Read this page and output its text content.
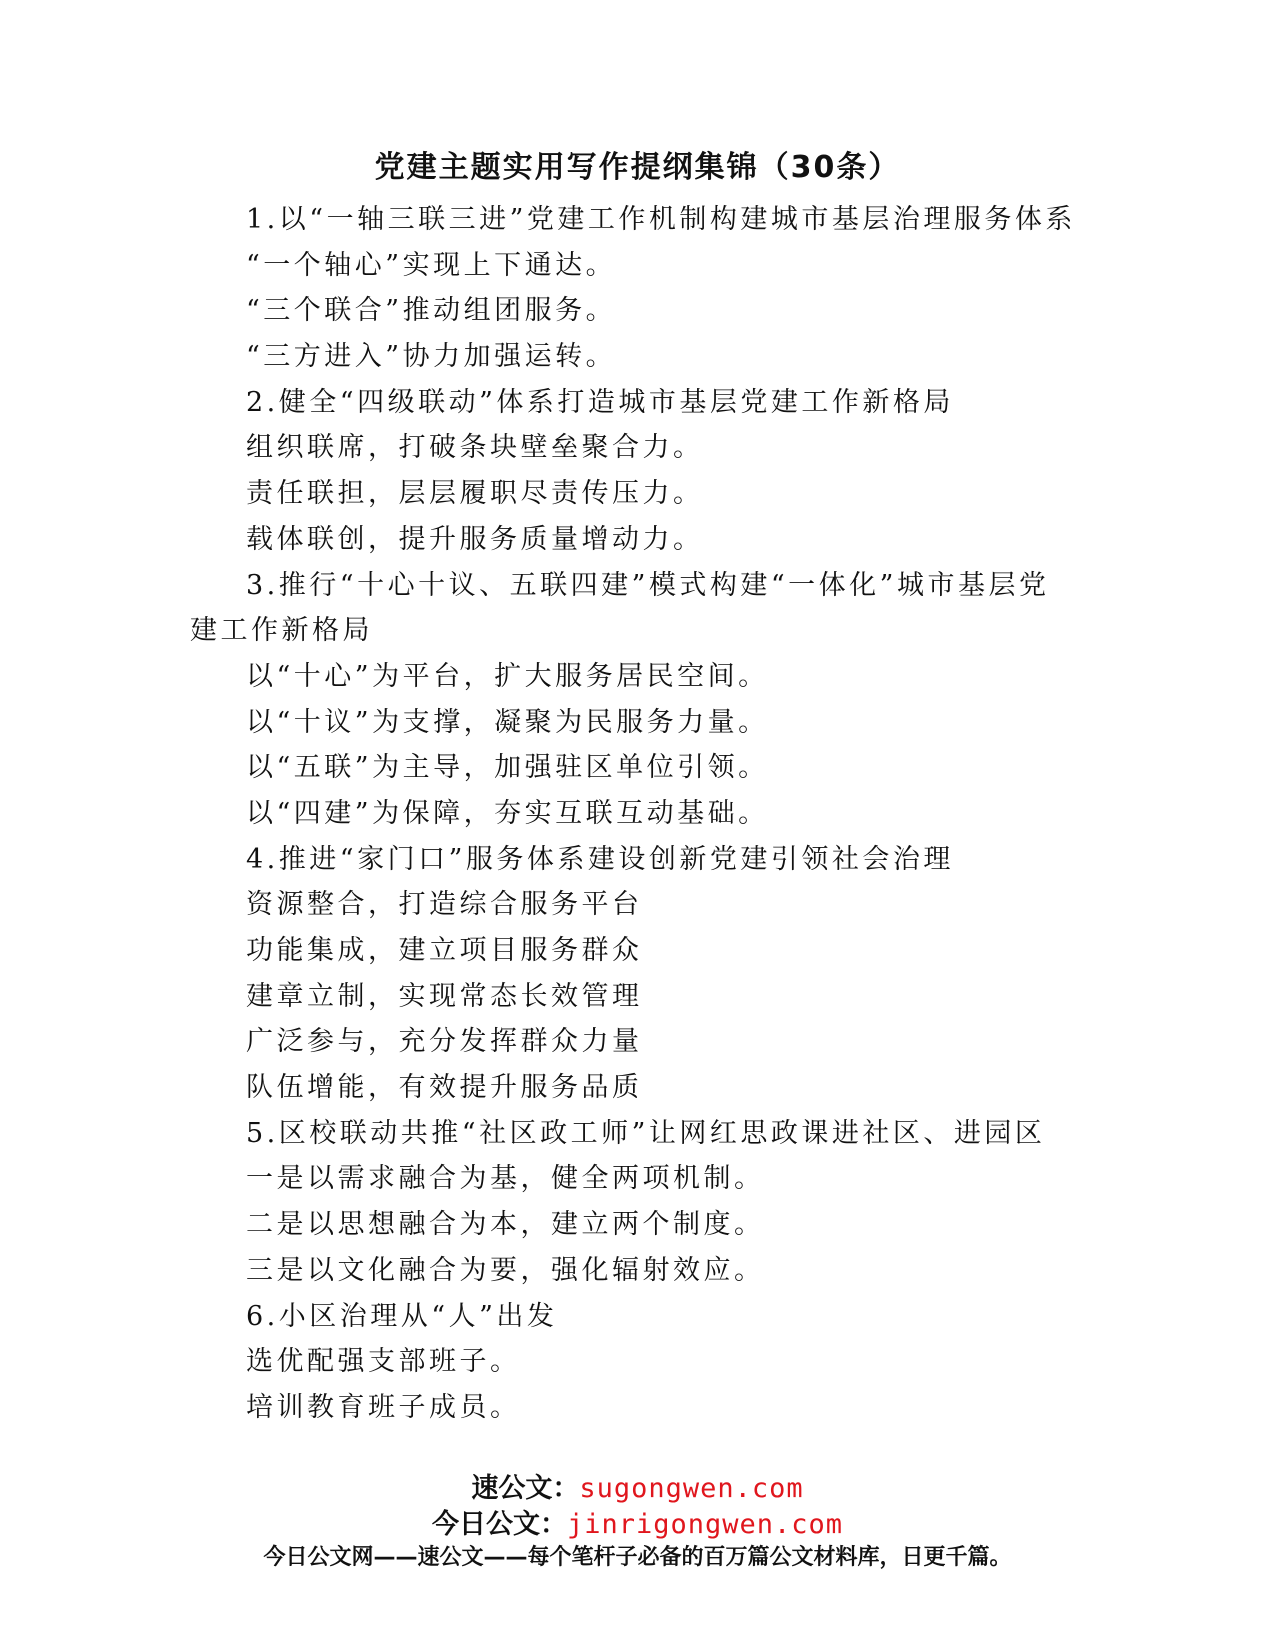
党建主题实用写作提纲集锦（30条）
1.以“一轴三联三进”党建工作机制构建城市基层治理服务体系
“一个轴心”实现上下通达。
“三个联合”推动组团服务。
“三方进入”协力加强运转。
2.健全“四级联动”体系打造城市基层党建工作新格局
组织联席，打破条块壁垒聚合力。
责任联担，层层履职尽责传压力。
载体联创，提升服务质量增动力。
3.推行“十心十议、五联四建”模式构建“一体化”城市基层党建工作新格局
以“十心”为平台，扩大服务居民空间。
以“十议”为支撑，凝聚为民服务力量。
以“五联”为主导，加强驻区单位引领。
以“四建”为保障，夯实互联互动基础。
4.推进“家门口”服务体系建设创新党建引领社会治理
资源整合，打造综合服务平台
功能集成，建立项目服务群众
建章立制，实现常态长效管理
广泛参与，充分发挥群众力量
队伍增能，有效提升服务品质
5.区校联动共推“社区政工师”让网红思政课进社区、进园区
一是以需求融合为基，健全两项机制。
二是以思想融合为本，建立两个制度。
三是以文化融合为要，强化辐射效应。
6.小区治理从“人”出发
选优配强支部班子。
培训教育班子成员。
速公文：sugongwen.com
今日公文：jinrigongwen.com
今日公文网——速公文——每个笔杆子必备的百万篇公文材料库，日更千篇。
